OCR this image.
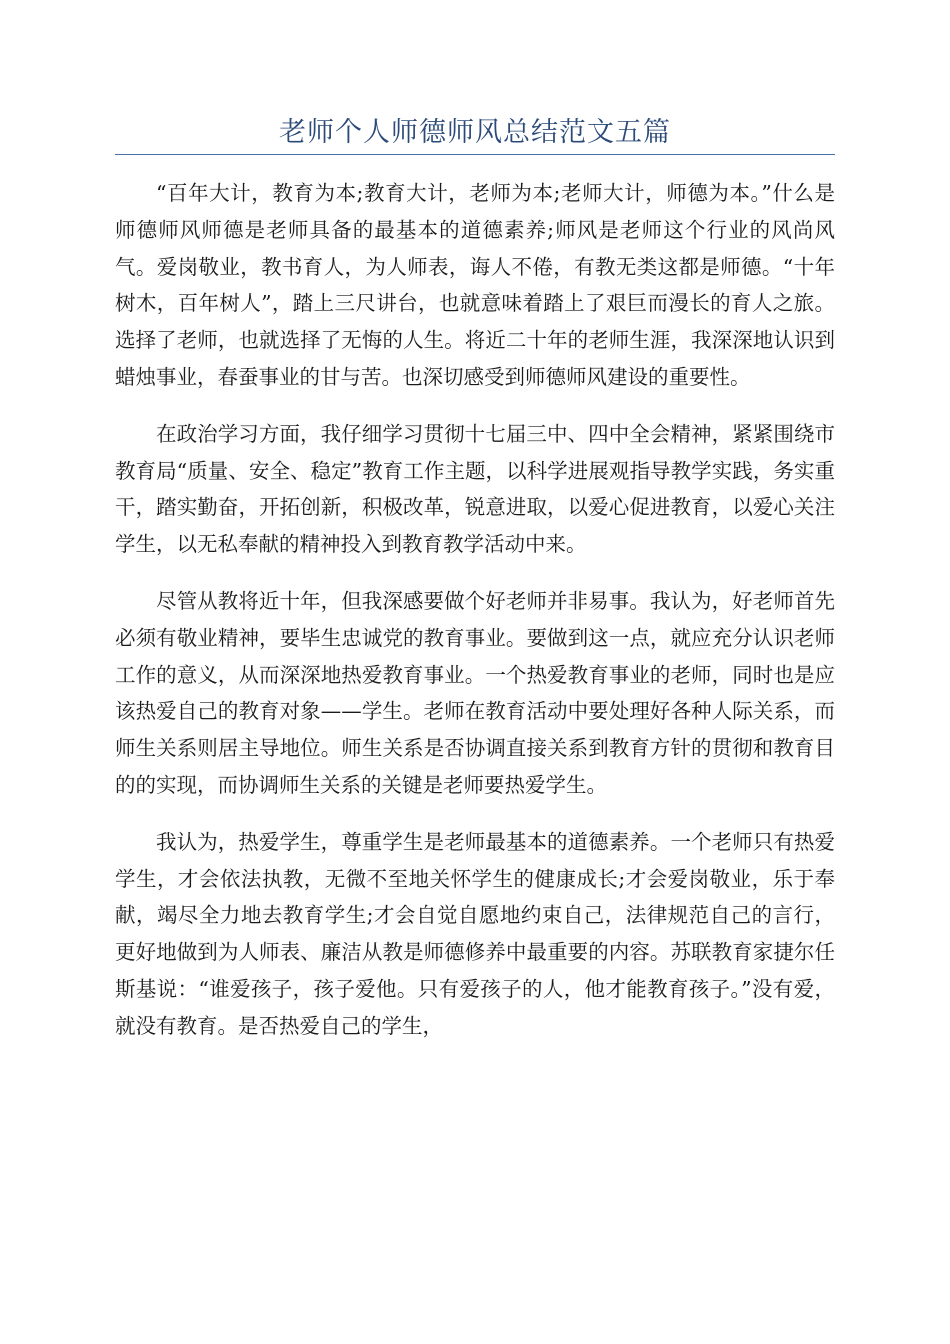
老师个人师德师风总结范文五篇

“百年大计，教育为本;教育大计，老师为本;老师大计，师德为本。”什么是师德师风师德是老师具备的最基本的道德素养;师风是老师这个行业的风尚风气。爱岗敬业，教书育人，为人师表，诲人不倦，有教无类这都是师德。“十年树木，百年树人”，踏上三尺讲台，也就意味着踏上了艰巨而漫长的育人之旅。选择了老师，也就选择了无悔的人生。将近二十年的老师生涯，我深深地认识到蜡烛事业，春蚕事业的甘与苦。也深切感受到师德师风建设的重要性。

在政治学习方面，我仔细学习贯彻十七届三中、四中全会精神，紧紧围绕市教育局“质量、安全、稳定”教育工作主题，以科学进展观指导教学实践，务实重干，踏实勤奋，开拓创新，积极改革，锐意进取，以爱心促进教育，以爱心关注学生，以无私奉献的精神投入到教育教学活动中来。

尽管从教将近十年，但我深感要做个好老师并非易事。我认为，好老师首先必须有敬业精神，要毕生忠诚党的教育事业。要做到这一点，就应充分认识老师工作的意义，从而深深地热爱教育事业。一个热爱教育事业的老师，同时也是应该热爱自己的教育对象——学生。老师在教育活动中要处理好各种人际关系，而师生关系则居主导地位。师生关系是否协调直接关系到教育方针的贯彻和教育目的的实现，而协调师生关系的关键是老师要热爱学生。

我认为，热爱学生，尊重学生是老师最基本的道德素养。一个老师只有热爱学生，才会依法执教，无微不至地关怀学生的健康成长;才会爱岗敬业，乐于奉献，竭尽全力地去教育学生;才会自觉自愿地约束自己，法律规范自己的言行，更好地做到为人师表、廉洁从教是师德修养中最重要的内容。苏联教育家捷尔任斯基说：“谁爱孩子，孩子爱他。只有爱孩子的人，他才能教育孩子。”没有爱，就没有教育。是否热爱自己的学生，
